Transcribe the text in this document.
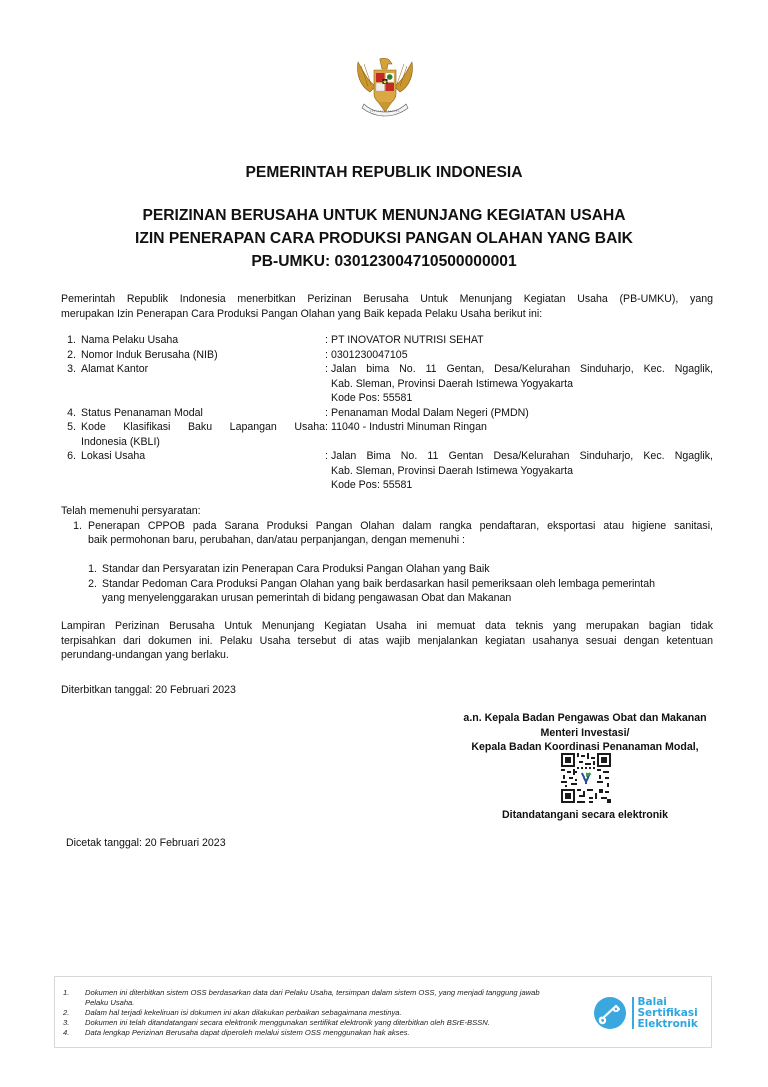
PEMERINTAH REPUBLIK INDONESIA
PERIZINAN BERUSAHA UNTUK MENUNJANG KEGIATAN USAHA
IZIN PENERAPAN CARA PRODUKSI PANGAN OLAHAN YANG BAIK
PB-UMKU: 030123004710500000001
Pemerintah Republik Indonesia menerbitkan Perizinan Berusaha Untuk Menunjang Kegiatan Usaha (PB-UMKU), yang
merupakan Izin Penerapan Cara Produksi Pangan Olahan yang Baik kepada Pelaku Usaha berikut ini:
1. Nama Pelaku Usaha	: PT INOVATOR NUTRISI SEHAT
2. Nomor Induk Berusaha (NIB)	: 0301230047105
3. Alamat Kantor	: Jalan bima No. 11 Gentan, Desa/Kelurahan Sinduharjo, Kec. Ngaglik,
Kab. Sleman, Provinsi Daerah Istimewa Yogyakarta
Kode Pos: 55581
4. Status Penanaman Modal	: Penanaman Modal Dalam Negeri (PMDN)
5. Kode Klasifikasi Baku Lapangan Usaha
Indonesia (KBLI)
: 11040 - Industri Minuman Ringan
6. Lokasi Usaha	: Jalan Bima No. 11 Gentan Desa/Kelurahan Sinduharjo, Kec. Ngaglik,
Kab. Sleman, Provinsi Daerah Istimewa Yogyakarta
Kode Pos: 55581
Telah memenuhi persyaratan:
1. Penerapan CPPOB pada Sarana Produksi Pangan Olahan dalam rangka pendaftaran, eksportasi atau higiene sanitasi,
baik permohonan baru, perubahan, dan/atau perpanjangan, dengan memenuhi :
1. Standar dan Persyaratan izin Penerapan Cara Produksi Pangan Olahan yang Baik
2. Standar Pedoman Cara Produksi Pangan Olahan yang baik berdasarkan hasil pemeriksaan oleh lembaga pemerintah
yang menyelenggarakan urusan pemerintah di bidang pengawasan Obat dan Makanan
Lampiran Perizinan Berusaha Untuk Menunjang Kegiatan Usaha ini memuat data teknis yang merupakan bagian tidak
terpisahkan dari dokumen ini. Pelaku Usaha tersebut di atas wajib menjalankan kegiatan usahanya sesuai dengan ketentuan
perundang-undangan yang berlaku.
Diterbitkan tanggal: 20 Februari 2023
a.n. Kepala Badan Pengawas Obat dan Makanan
Menteri Investasi/
Kepala Badan Koordinasi Penanaman Modal,
Ditandatangani secara elektronik
Dicetak tanggal: 20 Februari 2023
1.	Dokumen ini diterbitkan sistem OSS berdasarkan data dari Pelaku Usaha, tersimpan dalam sistem OSS, yang menjadi tanggung jawab
Pelaku Usaha.
2.	Dalam hal terjadi kekeliruan isi dokumen ini akan dilakukan perbaikan sebagaimana mestinya.
3.	Dokumen ini telah ditandatangani secara elektronik menggunakan sertifikat elektronik yang diterbitkan oleh BSrE-BSSN.
4.	Data lengkap Perizinan Berusaha dapat diperoleh melalui sistem OSS menggunakan hak akses.
Balai
Sertifikasi
Elektronik
